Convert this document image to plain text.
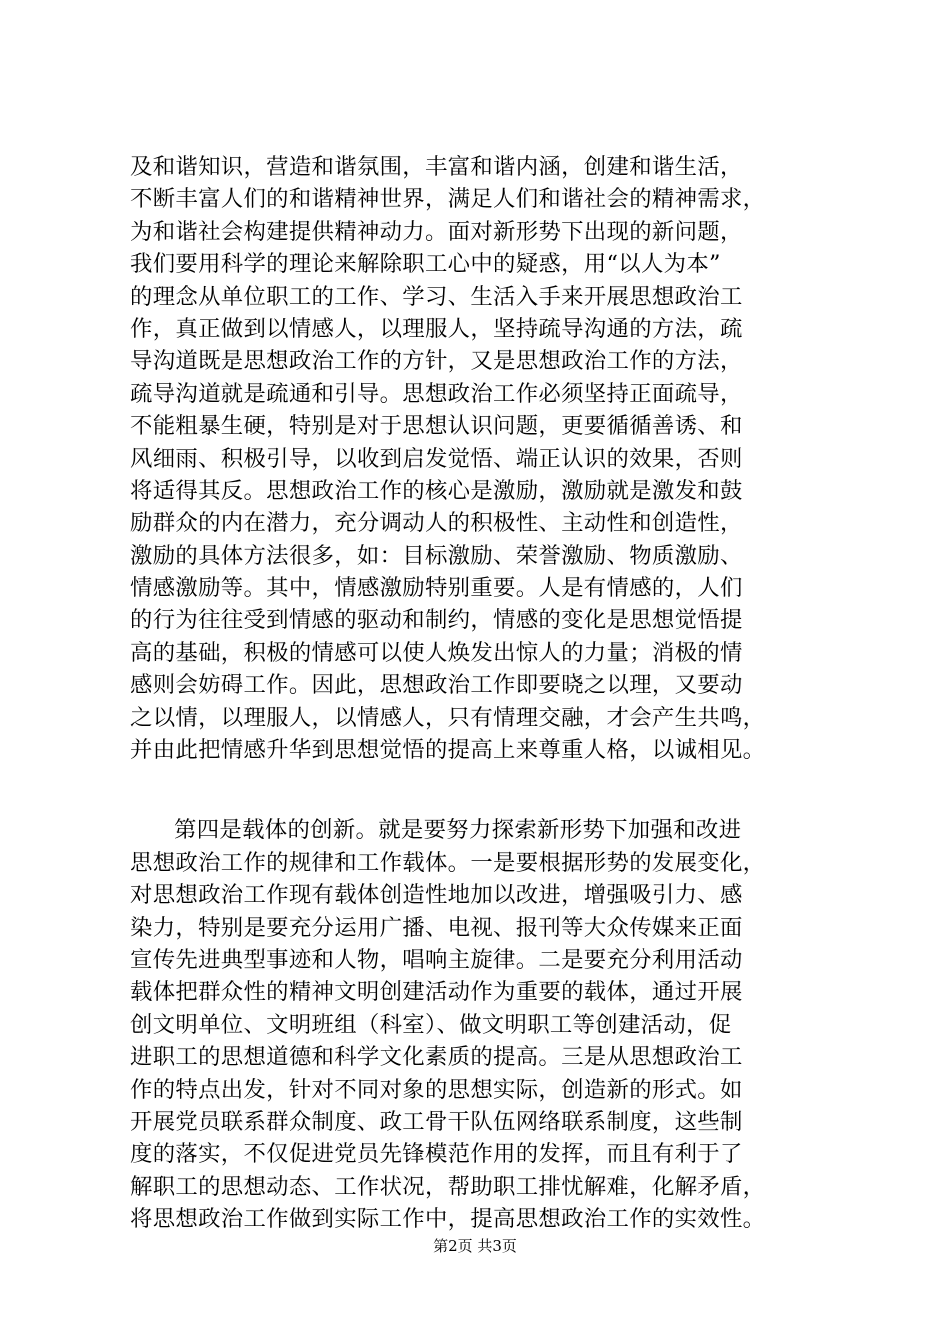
及和谐知识，营造和谐氛围，丰富和谐内涵，创建和谐生活，
不断丰富人们的和谐精神世界，满足人们和谐社会的精神需求，
为和谐社会构建提供精神动力。面对新形势下出现的新问题，
我们要用科学的理论来解除职工心中的疑惑，用“以人为本”
的理念从单位职工的工作、学习、生活入手来开展思想政治工
作，真正做到以情感人，以理服人，坚持疏导沟通的方法，疏
导沟道既是思想政治工作的方针，又是思想政治工作的方法，
疏导沟道就是疏通和引导。思想政治工作必须坚持正面疏导，
不能粗暴生硬，特别是对于思想认识问题，更要循循善诱、和
风细雨、积极引导，以收到启发觉悟、端正认识的效果，否则
将适得其反。思想政治工作的核心是激励，激励就是激发和鼓
励群众的内在潜力，充分调动人的积极性、主动性和创造性，
激励的具体方法很多，如：目标激励、荣誉激励、物质激励、
情感激励等。其中，情感激励特别重要。人是有情感的，人们
的行为往往受到情感的驱动和制约，情感的变化是思想觉悟提
高的基础，积极的情感可以使人焕发出惊人的力量；消极的情
感则会妨碍工作。因此，思想政治工作即要晓之以理，又要动
之以情，以理服人，以情感人，只有情理交融，才会产生共鸣，
并由此把情感升华到思想觉悟的提高上来尊重人格，以诚相见。
第四是载体的创新。就是要努力探索新形势下加强和改进
思想政治工作的规律和工作载体。一是要根据形势的发展变化，
对思想政治工作现有载体创造性地加以改进，增强吸引力、感
染力，特别是要充分运用广播、电视、报刊等大众传媒来正面
宣传先进典型事迹和人物，唱响主旋律。二是要充分利用活动
载体把群众性的精神文明创建活动作为重要的载体，通过开展
创文明单位、文明班组（科室）、做文明职工等创建活动，促
进职工的思想道德和科学文化素质的提高。三是从思想政治工
作的特点出发，针对不同对象的思想实际，创造新的形式。如
开展党员联系群众制度、政工骨干队伍网络联系制度，这些制
度的落实，不仅促进党员先锋模范作用的发挥，而且有利于了
解职工的思想动态、工作状况，帮助职工排忧解难，化解矛盾，
将思想政治工作做到实际工作中，提高思想政治工作的实效性。
第2页 共3页
